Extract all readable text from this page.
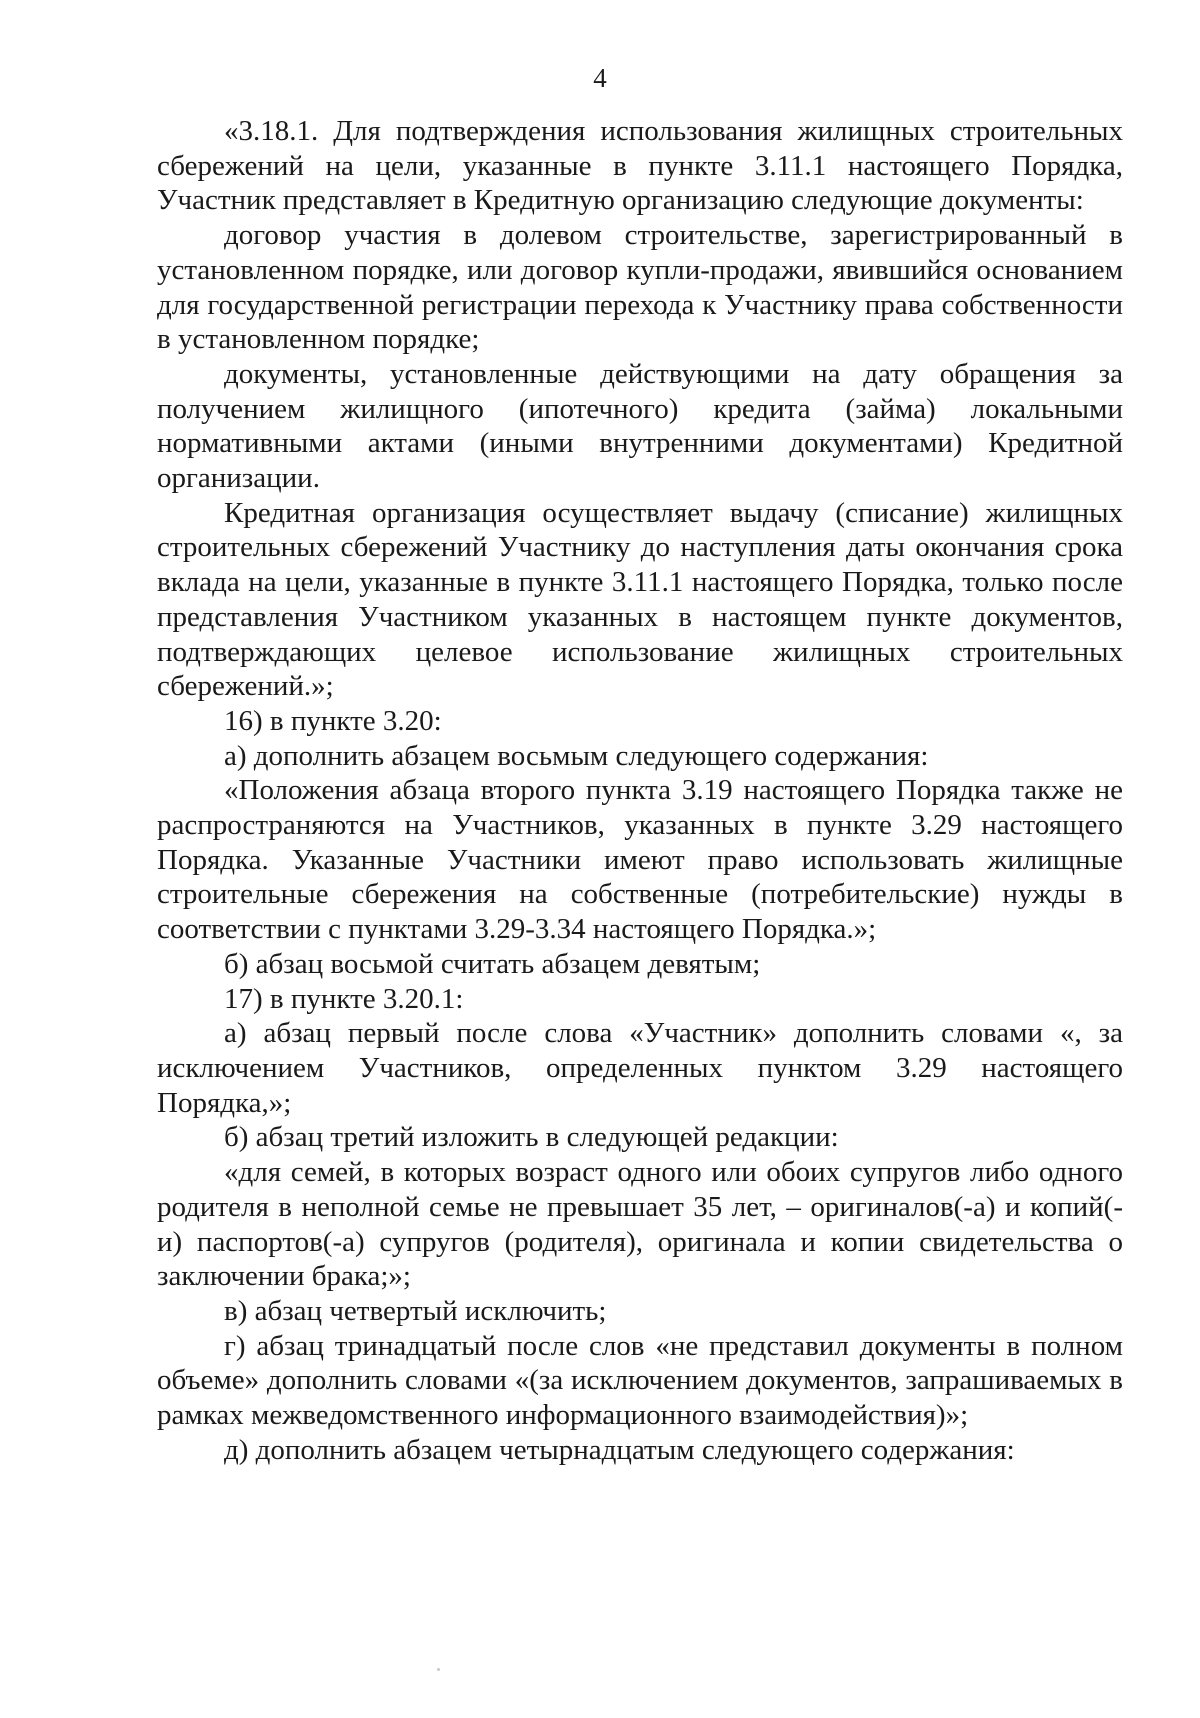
4

«3.18.1. Для подтверждения использования жилищных строительных сбережений на цели, указанные в пункте 3.11.1 настоящего Порядка, Участник представляет в Кредитную организацию следующие документы:

договор участия в долевом строительстве, зарегистрированный в установленном порядке, или договор купли-продажи, явившийся основанием для государственной регистрации перехода к Участнику права собственности в установленном порядке;

документы, установленные действующими на дату обращения за получением жилищного (ипотечного) кредита (займа) локальными нормативными актами (иными внутренними документами) Кредитной организации.

Кредитная организация осуществляет выдачу (списание) жилищных строительных сбережений Участнику до наступления даты окончания срока вклада на цели, указанные в пункте 3.11.1 настоящего Порядка, только после представления Участником указанных в настоящем пункте документов, подтверждающих целевое использование жилищных строительных сбережений.»;

16) в пункте 3.20:

а) дополнить абзацем восьмым следующего содержания:

«Положения абзаца второго пункта 3.19 настоящего Порядка также не распространяются на Участников, указанных в пункте 3.29 настоящего Порядка. Указанные Участники имеют право использовать жилищные строительные сбережения на собственные (потребительские) нужды в соответствии с пунктами 3.29-3.34 настоящего Порядка.»;

б) абзац восьмой считать абзацем девятым;

17) в пункте 3.20.1:

а) абзац первый после слова «Участник» дополнить словами «, за исключением Участников, определенных пунктом 3.29 настоящего Порядка,»;

б) абзац третий изложить в следующей редакции:

«для семей, в которых возраст одного или обоих супругов либо одного родителя в неполной семье не превышает 35 лет, – оригиналов(-а) и копий(-и) паспортов(-а) супругов (родителя), оригинала и копии свидетельства о заключении брака;»;

в) абзац четвертый исключить;

г) абзац тринадцатый после слов «не представил документы в полном объеме» дополнить словами «(за исключением документов, запрашиваемых в рамках межведомственного информационного взаимодействия)»;

д) дополнить абзацем четырнадцатым следующего содержания:
